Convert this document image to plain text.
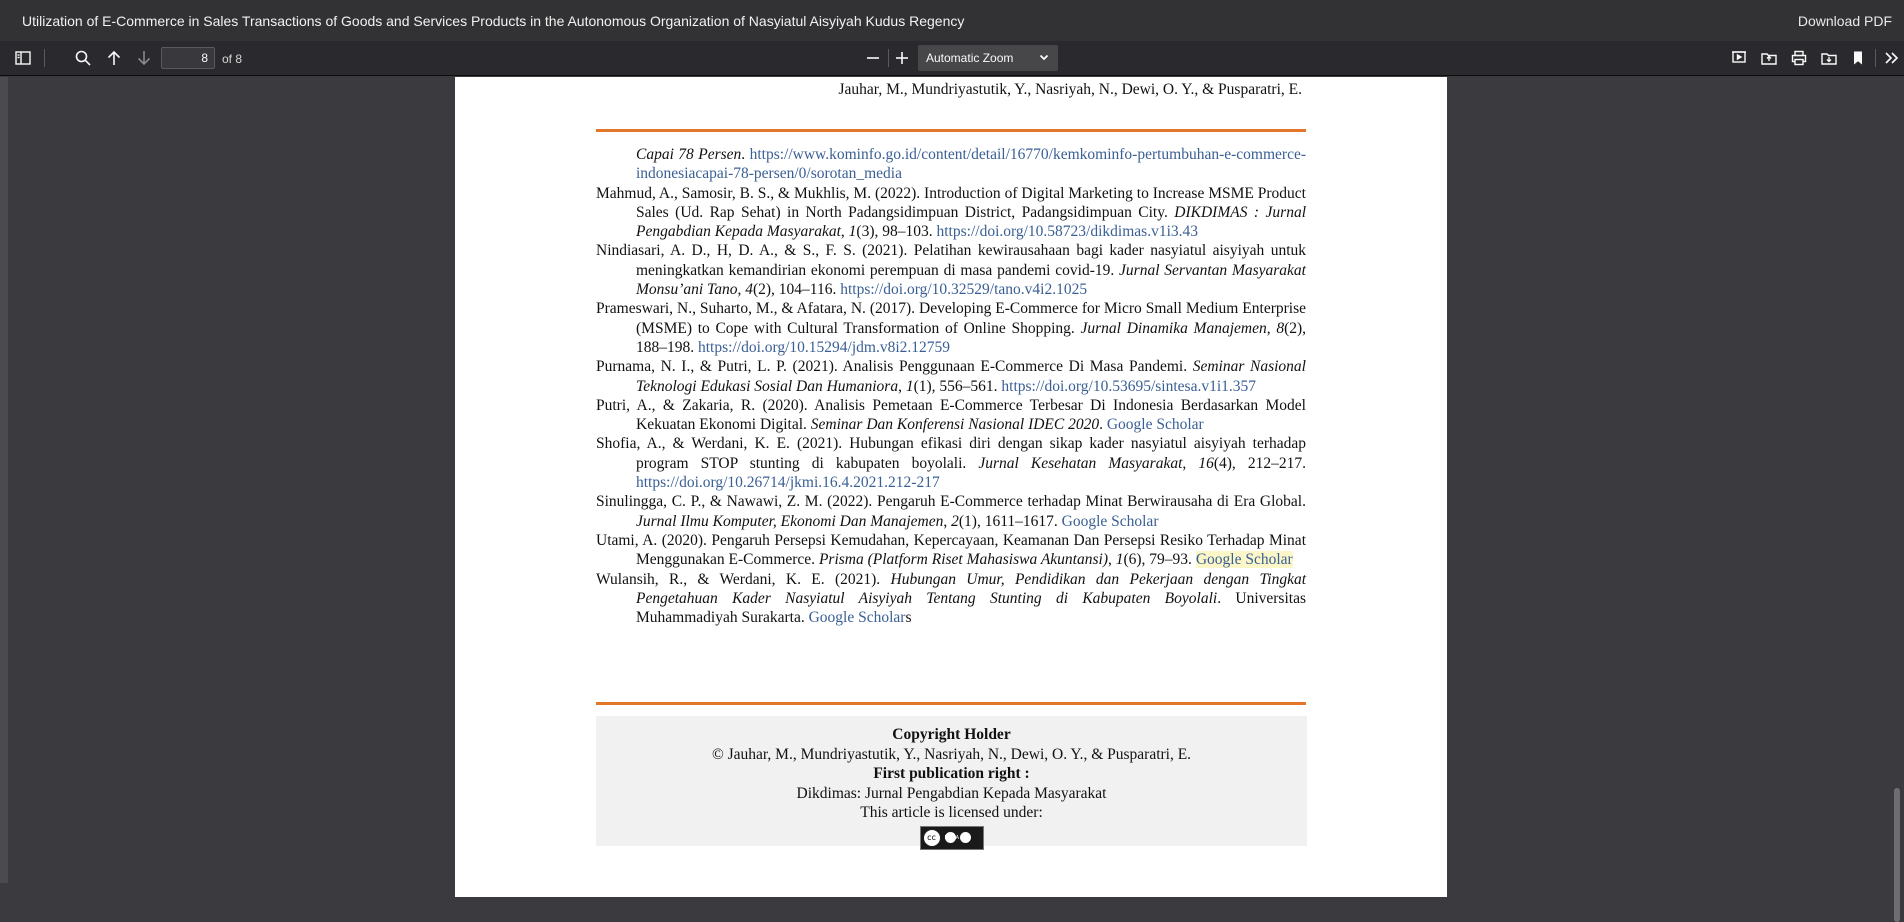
Utilization of E-Commerce in Sales Transactions of Goods and Services Products in the Autonomous Organization of Nasyiatul Aisyiyah Kudus Regency	Download PDF
8
of 8	Automatic Zoom
Jauhar, M., Mundriyastutik, Y., Nasriyah, N., Dewi, O. Y., & Pusparatri, E.

Capai 78 Persen. https://www.kominfo.go.id/content/detail/16770/kemkominfo-pertumbuhan-e-commerce-indonesiacapai-78-persen/0/sorotan_media

Mahmud, A., Samosir, B. S., & Mukhlis, M. (2022). Introduction of Digital Marketing to Increase MSME Product Sales (Ud. Rap Sehat) in North Padangsidimpuan District, Padangsidimpuan City. DIKDIMAS : Jurnal Pengabdian Kepada Masyarakat, 1(3), 98–103. https://doi.org/10.58723/dikdimas.v1i3.43

Nindiasari, A. D., H, D. A., & S., F. S. (2021). Pelatihan kewirausahaan bagi kader nasyiatul aisyiyah untuk meningkatkan kemandirian ekonomi perempuan di masa pandemi covid-19. Jurnal Servantan Masyarakat Monsu’ani Tano, 4(2), 104–116. https://doi.org/10.32529/tano.v4i2.1025

Prameswari, N., Suharto, M., & Afatara, N. (2017). Developing E-Commerce for Micro Small Medium Enterprise (MSME) to Cope with Cultural Transformation of Online Shopping. Jurnal Dinamika Manajemen, 8(2), 188–198. https://doi.org/10.15294/jdm.v8i2.12759

Purnama, N. I., & Putri, L. P. (2021). Analisis Penggunaan E-Commerce Di Masa Pandemi. Seminar Nasional Teknologi Edukasi Sosial Dan Humaniora, 1(1), 556–561. https://doi.org/10.53695/sintesa.v1i1.357

Putri, A., & Zakaria, R. (2020). Analisis Pemetaan E-Commerce Terbesar Di Indonesia Berdasarkan Model Kekuatan Ekonomi Digital. Seminar Dan Konferensi Nasional IDEC 2020. Google Scholar

Shofia, A., & Werdani, K. E. (2021). Hubungan efikasi diri dengan sikap kader nasyiatul aisyiyah terhadap program STOP stunting di kabupaten boyolali. Jurnal Kesehatan Masyarakat, 16(4), 212–217. https://doi.org/10.26714/jkmi.16.4.2021.212-217

Sinulingga, C. P., & Nawawi, Z. M. (2022). Pengaruh E-Commerce terhadap Minat Berwirausaha di Era Global. Jurnal Ilmu Komputer, Ekonomi Dan Manajemen, 2(1), 1611–1617. Google Scholar

Utami, A. (2020). Pengaruh Persepsi Kemudahan, Kepercayaan, Keamanan Dan Persepsi Resiko Terhadap Minat Menggunakan E-Commerce. Prisma (Platform Riset Mahasiswa Akuntansi), 1(6), 79–93. Google Scholar

Wulansih, R., & Werdani, K. E. (2021). Hubungan Umur, Pendidikan dan Pekerjaan dengan Tingkat Pengetahuan Kader Nasyiatul Aisyiyah Tentang Stunting di Kabupaten Boyolali. Universitas Muhammadiyah Surakarta. Google Scholars

Copyright Holder
© Jauhar, M., Mundriyastutik, Y., Nasriyah, N., Dewi, O. Y., & Pusparatri, E.
First publication right :
Dikdimas: Jurnal Pengabdian Kepada Masyarakat
This article is licensed under:
cc	BY SA
